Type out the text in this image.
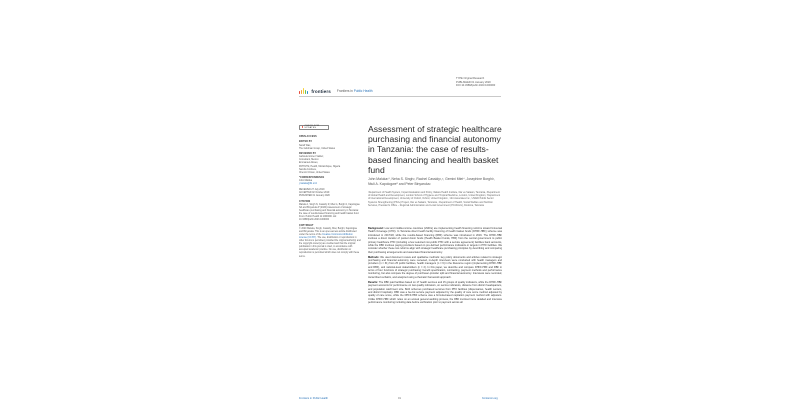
frontiers Frontiers in Public Health
TYPE Original Research
PUBLISHED 01 January 2020
DOI 10.3389/fpubh.2023.1000000
CHECK FOR UPDATES
OPEN ACCESS
EDITED BY
Sarah Wax,
The Goldman Group, United States
REVIEWED BY
Gabriela Gómez Valdez,
Consultant, Mexico
Emmanuel Akweo,
PATH-PSI, Health, Mozambique, Nigeria
Sandra Cordova,
Chenzo Climan, United States
*CORRESPONDENCE
John Maluka
j.maluka@ihi.or.tz
RECEIVED 27 July 2019
ACCEPTED 02 October 2019
PUBLISHED 01 January 2020
CITATION
Maluka J, Singh N, Cassidy R, Mtei G, Borghi J, Kapologwe NA and Binyaruka P (2020) Assessment of strategic healthcare purchasing and financial autonomy in Tanzania: the case of results-based financing and health basket fund. Front. Public Health 11:1000000. doi: 10.3389/fpubh.2023.1000000
COPYRIGHT
© 2020 Maluka, Singh, Cassidy, Mtei, Borghi, Kapologwe and Binyaruka. This is an open-access article distributed under the terms of the Creative Commons Attribution License (CC BY). The use, distribution or reproduction in other forums is permitted, provided the original author(s) and the copyright owner(s) are credited and that the original publication in this journal is cited, in accordance with accepted academic practice. No use, distribution or reproduction is permitted which does not comply with these terms.
Assessment of strategic healthcare purchasing and financial autonomy in Tanzania: the case of results-based financing and health basket fund
John Maluka¹*, Neha S. Singh², Rachel Cassidy²,³, Gemini Mtei⁴, Josephine Borghi², Ntuli A. Kapologwe⁵ and Peter Binyaruka¹
¹Department of Health System, Impact Evaluation and Policy, Ifakara Health Institute, Dar es Salaam, Tanzania, ²Department of Global Health and Development, London School of Hygiene and Tropical Medicine, London, United Kingdom, ³Department of International Development, University of Oxford, Oxford, United Kingdom, ⁴Abt Associates Inc., USAID Public Sector Systems Strengthening (PS3+) Project, Dar es Salaam, Tanzania, ⁵Department of Health, Social Welfare and Nutrition Services, President's Office – Regional Administration and Local Government (PO-RALG), Dodoma, Tanzania

Background: Low and middle-income countries (LMICs) are implementing health financing reforms toward Universal Health Coverage (UHC). In Tanzania direct health facility financing of health basket funds (DHFF-HBF) scheme was introduced in 2017/18, while the results-based financing (RBF) scheme was introduced in 2016. The DHFF-HBF involves a direct transfer of pooled donor funds (Health Basket Funds, HBF) from the central government to public primary healthcare PHC (including a few selected non-public PHC with a service agreement) facilities bank accounts, while the RBF involves paying providers based on pre-defined performance indicators or targets in PHC facilities. We consider whether these two reforms align with strategic healthcare purchasing principles by describing and comparing their purchasing arrangements and associated financial autonomy.

Methods: We used document review and qualitative methods: key policy documents and articles related to strategic purchasing and financial autonomy were reviewed, in-depth interviews were conducted with health managers and providers (n = 31) from 25 public facilities, health managers (n = 6) in the Resource region (implementing DHFF-HBF and RBF), and national-level stakeholders (n = 2). In this paper, we describe and compare DHFF-HBF and RBF in terms of four functions of strategic purchasing: benefit specification, contracting, payment methods and performance monitoring, but also compare the degree of purchaser-provider split and financial autonomy. Interviews were recorded, transcribed verbatim, and analyzed using a thematic framework approach.

Results: The RBF paid facilities based on 17 health services and 15 groups of quality indicators, while the DHFF-HBF payment accounts for performance on two quality indicators, on service indicators, distance from district headquarters, and population catchment size. Both schemes purchased services from PHC facilities (dispensaries, health centers, and district hospitals). RBF was a fee-for-service payment adjusted by the quality of care score method adjusted by quality of care score, while the DHFF-HBF scheme was a formula-based capitation payment method with adjusters. Unlike DHFF-HBF which relies on an annual general auditing process, the RBF involved more detailed and intensive performance monitoring including data before verification prior to payment across all

Frontiers in Public Health	01	frontiersin.org
